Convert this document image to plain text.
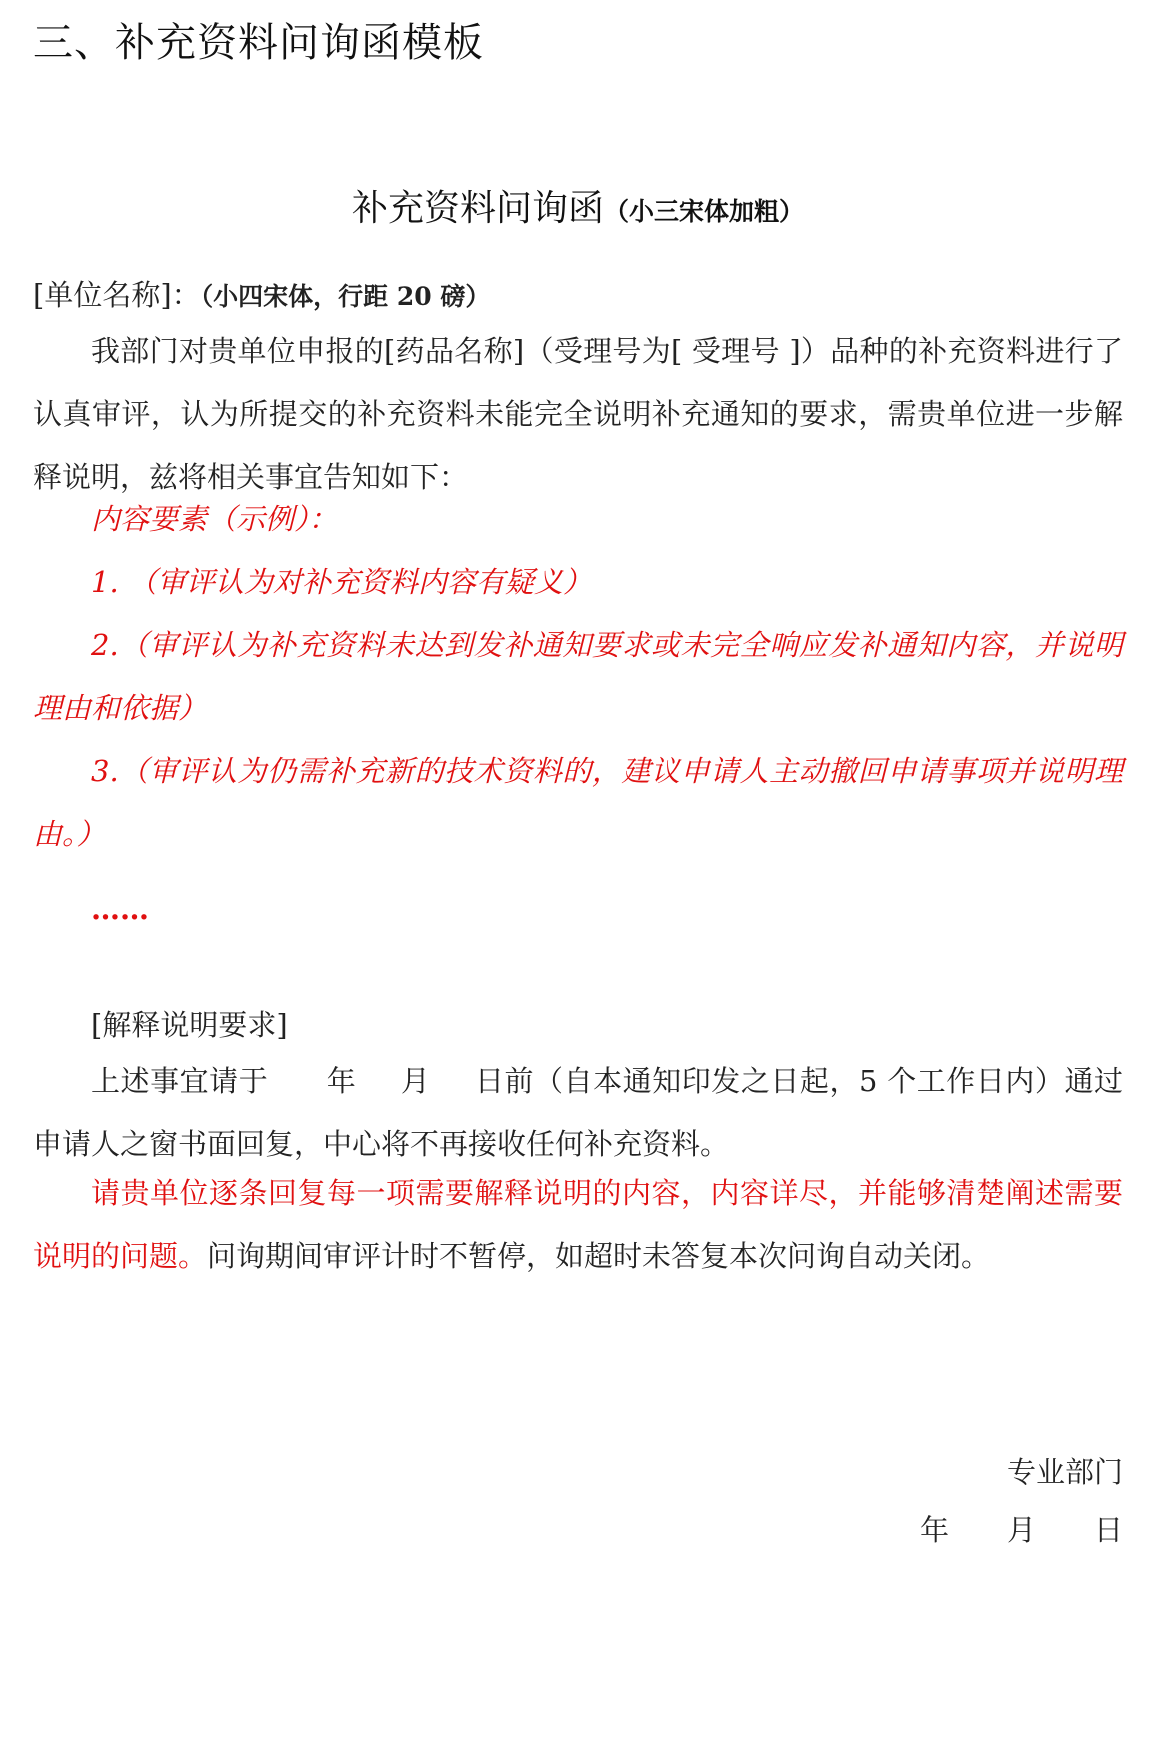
三、补充资料问询函模板
补充资料问询函（小三宋体加粗）

[单位名称]：（小四宋体，行距 20 磅）

我部门对贵单位申报的[药品名称]（受理号为[ 受理号 ]）品种的补充资料进行了认真审评，认为所提交的补充资料未能完全说明补充通知的要求，需贵单位进一步解释说明，兹将相关事宜告知如下：

内容要素（示例）：
1. （审评认为对补充资料内容有疑义）
2.（审评认为补充资料未达到发补通知要求或未完全响应发补通知内容，并说明理由和依据）
3.（审评认为仍需补充新的技术资料的，建议申请人主动撤回申请事项并说明理由。）

……

[解释说明要求]

上述事宜请于 年 月 日前（自本通知印发之日起，5 个工作日内）通过申请人之窗书面回复，中心将不再接收任何补充资料。

请贵单位逐条回复每一项需要解释说明的内容，内容详尽，并能够清楚阐述需要说明的问题。问询期间审评计时不暂停，如超时未答复本次问询自动关闭。

专业部门
年 月 日
